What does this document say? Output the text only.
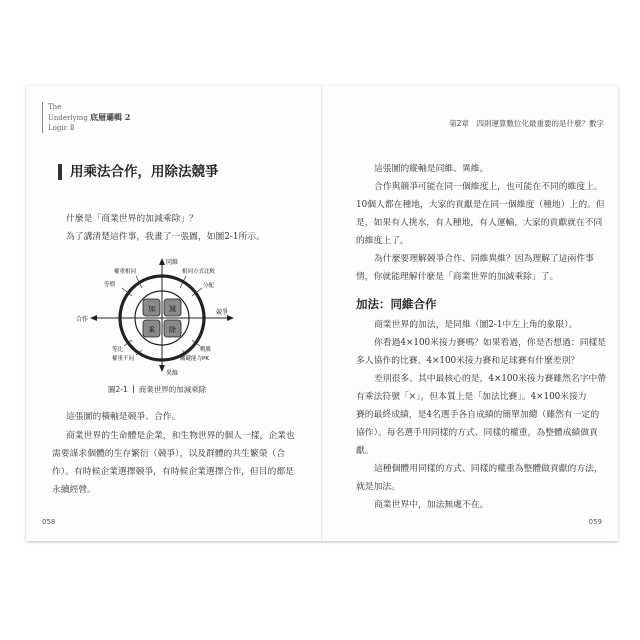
The
Underlying 底層邏輯 2
Logic Ⅱ
用乘法合作，用除法競爭
什麼是「商業世界的加減乘除」？
為了講清楚這件事，我畫了一張圖，如圖2-1所示。
加 減
乘 除
同維
異維
合作
競爭
權重相同
等價
相同方式比較
分配
等比
權重不同
戰勝
關鍵能力PK
圖2-1 商業世界的加減乘除
這張圖的橫軸是競爭、合作。
商業世界的生命體是企業，和生物世界的個人一樣，企業也
需要謀求個體的生存繁衍（競爭），以及群體的共生繁榮（合
作）。有時候企業選擇競爭，有時候企業選擇合作，但目的都是
永續經營。
058
第2章　四則運算數位化最重要的是什麼？數字
這張圖的縱軸是同維、異維。
合作與競爭可能在同一個維度上，也可能在不同的維度上。
10個人都在種地，大家的貢獻是在同一個維度（種地）上的。但
是，如果有人挑水，有人種地，有人運輸，大家的貢獻就在不同
的維度上了。
為什麼要理解競爭合作、同維異維？因為理解了這兩件事
情，你就能理解什麼是「商業世界的加減乘除」了。
加法：同維合作
商業世界的加法，是同維（圖2-1中左上角的象限）。
你看過4×100米接力賽嗎？如果看過，你是否想過：同樣是
多人協作的比賽，4×100米接力賽和足球賽有什麼差別？
差別很多。其中最核心的是，4×100米接力賽雖然名字中帶
有乘法符號「×」，但本質上是「加法比賽」。4×100米接力
賽的最終成績，是4名選手各自成績的簡單加總（雖然有一定的
協作）。每名選手用同樣的方式、同樣的權重，為整體成績做貢
獻。
這種個體用同樣的方式、同樣的權重為整體做貢獻的方法，
就是加法。
商業世界中，加法無處不在。
059
